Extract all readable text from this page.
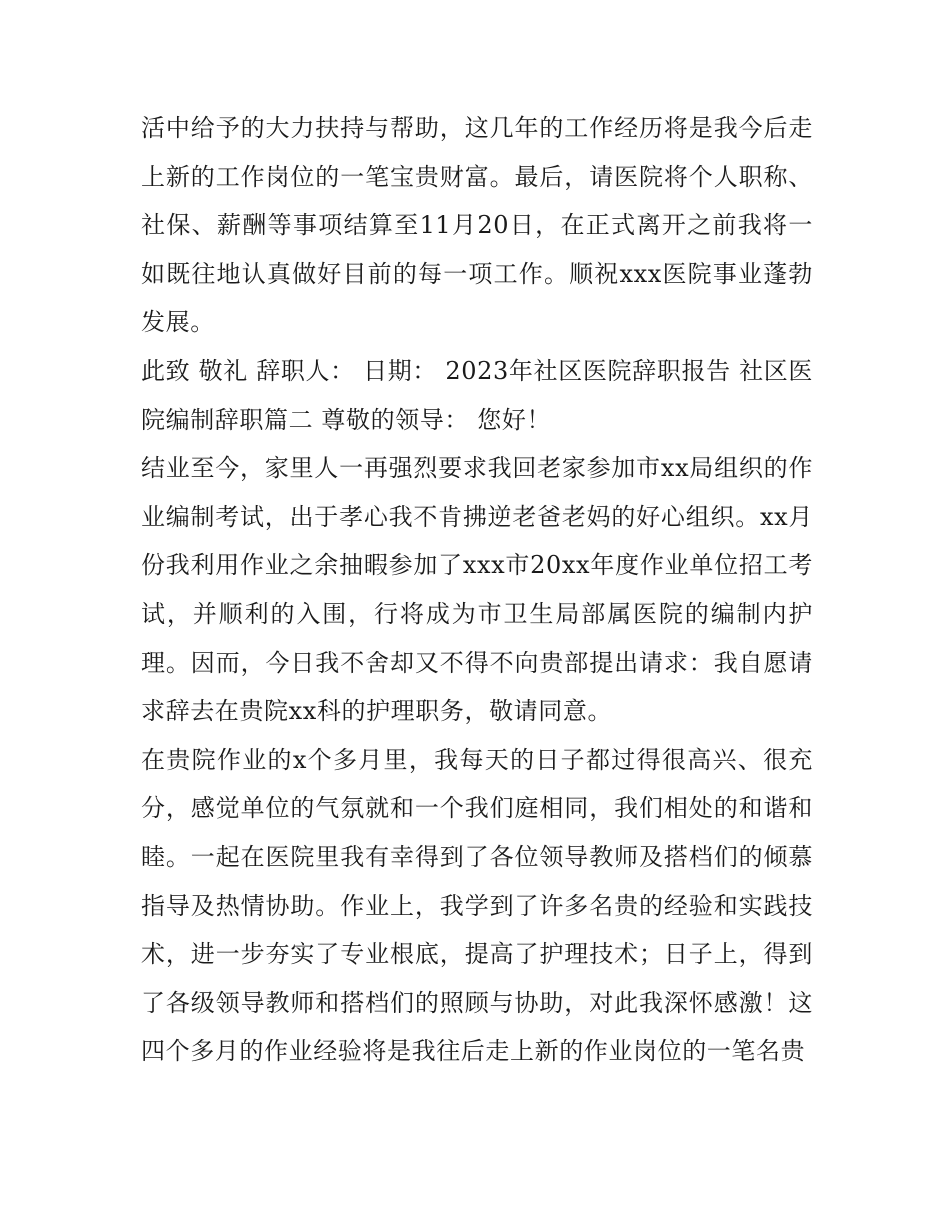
活中给予的大力扶持与帮助，这几年的工作经历将是我今后走上新的工作岗位的一笔宝贵财富。最后，请医院将个人职称、社保、薪酬等事项结算至11月20日，在正式离开之前我将一如既往地认真做好目前的每一项工作。顺祝xxx医院事业蓬勃发展。

此致 敬礼 辞职人： 日期： 2023年社区医院辞职报告 社区医院编制辞职篇二 尊敬的领导： 您好！

结业至今，家里人一再强烈要求我回老家参加市xx局组织的作业编制考试，出于孝心我不肯拂逆老爸老妈的好心组织。xx月份我利用作业之余抽暇参加了xxx市20xx年度作业单位招工考试，并顺利的入围，行将成为市卫生局部属医院的编制内护理。因而，今日我不舍却又不得不向贵部提出请求：我自愿请求辞去在贵院xx科的护理职务，敬请同意。

在贵院作业的x个多月里，我每天的日子都过得很高兴、很充分，感觉单位的气氛就和一个我们庭相同，我们相处的和谐和睦。一起在医院里我有幸得到了各位领导教师及搭档们的倾慕指导及热情协助。作业上，我学到了许多名贵的经验和实践技术，进一步夯实了专业根底，提高了护理技术；日子上，得到了各级领导教师和搭档们的照顾与协助，对此我深怀感激！这四个多月的作业经验将是我往后走上新的作业岗位的一笔名贵
